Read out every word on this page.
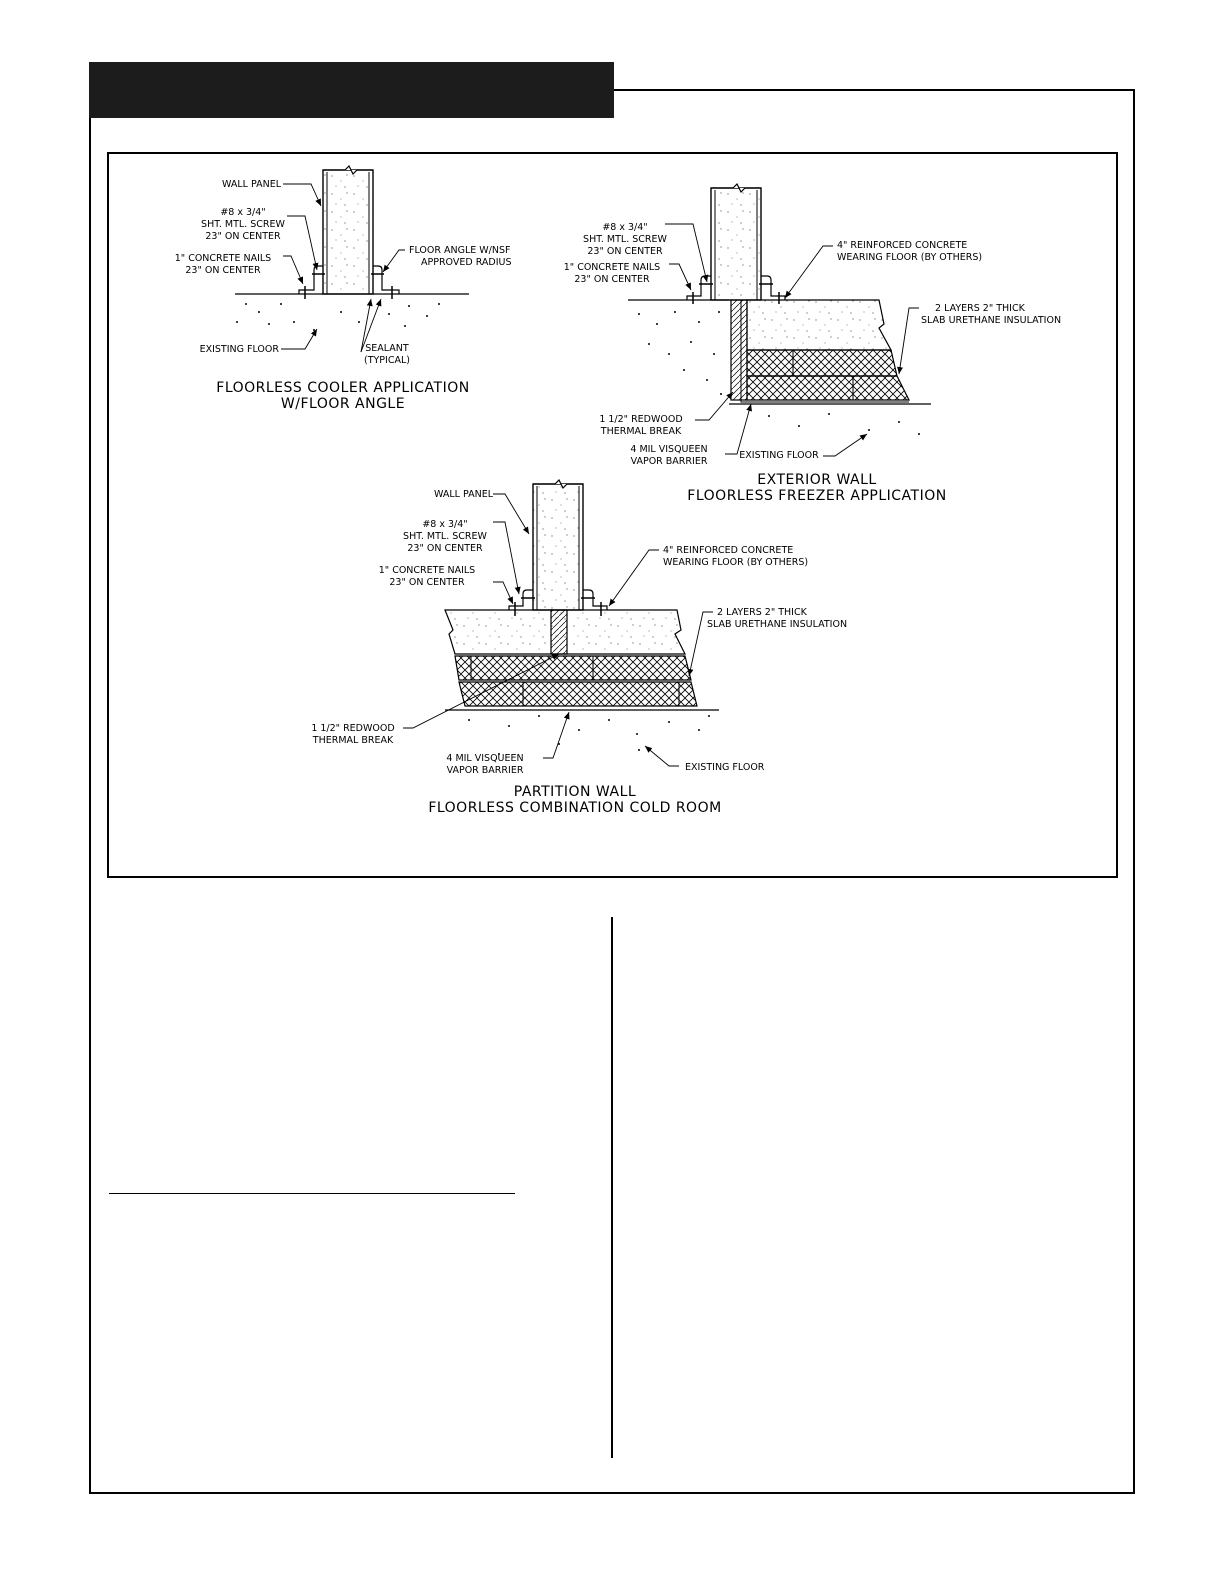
WALL PANEL
#8 x 3/4"
SHT. MTL. SCREW
23" ON CENTER
1" CONCRETE NAILS
23" ON CENTER
FLOOR ANGLE W/NSF
APPROVED RADIUS
EXISTING FLOOR	SEALANT
(TYPICAL)
FLOORLESS COOLER APPLICATION
W/FLOOR ANGLE
#8 x 3/4"
SHT. MTL. SCREW
23" ON CENTER
1" CONCRETE NAILS
23" ON CENTER
4" REINFORCED CONCRETE
WEARING FLOOR (BY OTHERS)
2 LAYERS 2" THICK
SLAB URETHANE INSULATION
1 1/2" REDWOOD
THERMAL BREAK
4 MIL VISQUEEN
VAPOR BARRIER
EXISTING FLOOR
EXTERIOR WALL
FLOORLESS FREEZER APPLICATION
WALL PANEL
#8 x 3/4"
SHT. MTL. SCREW
23" ON CENTER
1" CONCRETE NAILS
23" ON CENTER
4" REINFORCED CONCRETE
WEARING FLOOR (BY OTHERS)
2 LAYERS 2" THICK
SLAB URETHANE INSULATION
1 1/2" REDWOOD
THERMAL BREAK
4 MIL VISQUEEN
VAPOR BARRIER	EXISTING FLOOR
PARTITION WALL
FLOORLESS COMBINATION COLD ROOM
